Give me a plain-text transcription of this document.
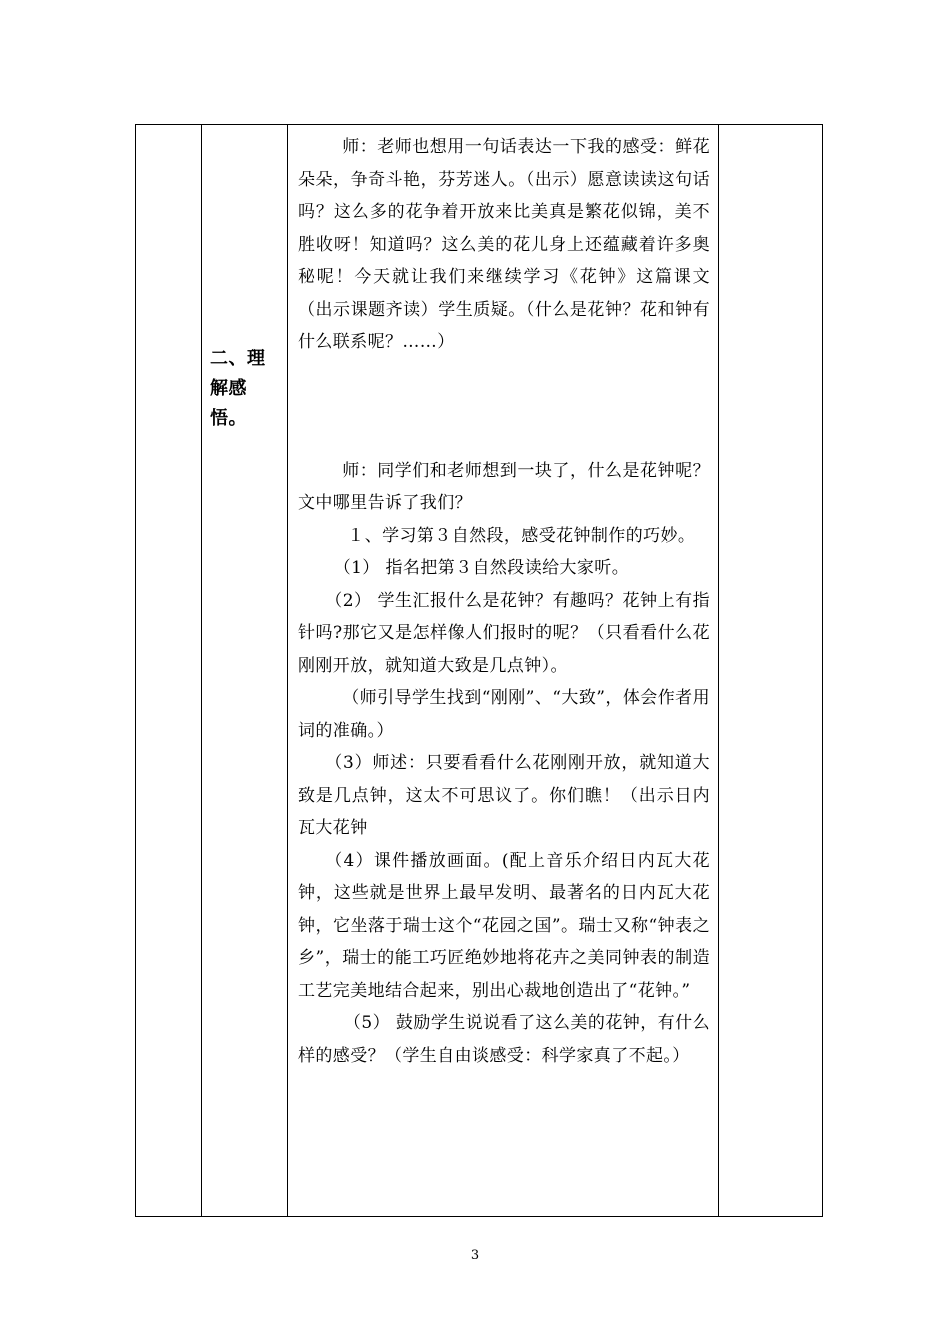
二、理解感悟。

师：老师也想用一句话表达一下我的感受：鲜花朵朵，争奇斗艳，芬芳迷人。（出示）愿意读读这句话吗？这么多的花争着开放来比美真是繁花似锦，美不胜收呀！知道吗？这么美的花儿身上还蕴藏着许多奥秘呢！今天就让我们来继续学习《花钟》这篇课文（出示课题齐读）学生质疑。（什么是花钟？花和钟有什么联系呢？……）

师：同学们和老师想到一块了，什么是花钟呢？文中哪里告诉了我们？

１、学习第３自然段，感受花钟制作的巧妙。

（1） 指名把第３自然段读给大家听。

（2） 学生汇报什么是花钟？有趣吗？花钟上有指针吗?那它又是怎样像人们报时的呢？（只看看什么花刚刚开放，就知道大致是几点钟）。

（师引导学生找到“刚刚”、“大致”，体会作者用词的准确。）

（3）师述：只要看看什么花刚刚开放，就知道大致是几点钟，这太不可思议了。你们瞧！（出示日内瓦大花钟

（4）课件播放画面。(配上音乐介绍日内瓦大花钟，这些就是世界上最早发明、最著名的日内瓦大花钟，它坐落于瑞士这个“花园之国”。瑞士又称“钟表之乡”，瑞士的能工巧匠绝妙地将花卉之美同钟表的制造工艺完美地结合起来，别出心裁地创造出了“花钟。”

（5） 鼓励学生说说看了这么美的花钟，有什么样的感受？（学生自由谈感受：科学家真了不起。）

3
